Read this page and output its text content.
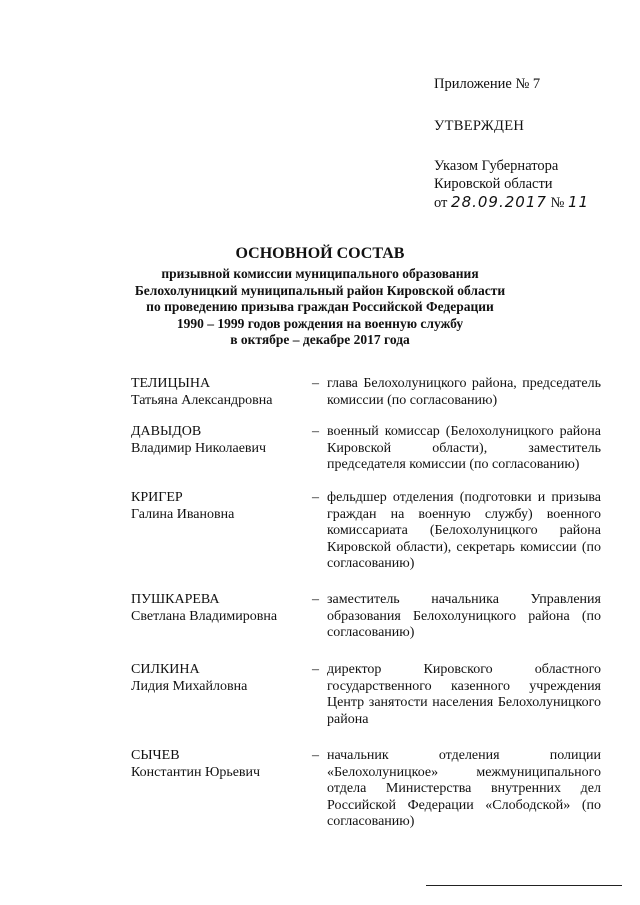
Приложение № 7
УТВЕРЖДЕН
Указом Губернатора
Кировской области
от 28.09.2017 № 11
ОСНОВНОЙ СОСТАВ
призывной комиссии муниципального образования
Белохолуницкий муниципальный район Кировской области
по проведению призыва граждан Российской Федерации
1990 – 1999 годов рождения на военную службу
в октябре – декабре 2017 года
ТЕЛИЦЫНА
Татьяна Александровна
– глава Белохолуницкого района, председатель комиссии (по согласованию)
ДАВЫДОВ
Владимир Николаевич
– военный комиссар (Белохолуницкого района Кировской области), заместитель председателя комиссии (по согласованию)
КРИГЕР
Галина Ивановна
– фельдшер отделения (подготовки и призыва граждан на военную службу) военного комиссариата (Белохолуницкого района Кировской области), секретарь комиссии (по согласованию)
ПУШКАРЕВА
Светлана Владимировна
– заместитель начальника Управления образования Белохолуницкого района (по согласованию)
СИЛКИНА
Лидия Михайловна
– директор Кировского областного государственного казенного учреждения Центр занятости населения Белохолуницкого района
СЫЧЕВ
Константин Юрьевич
– начальник отделения полиции «Белохолуницкое» межмуниципального отдела Министерства внутренних дел Российской Федерации «Слободской» (по согласованию)
